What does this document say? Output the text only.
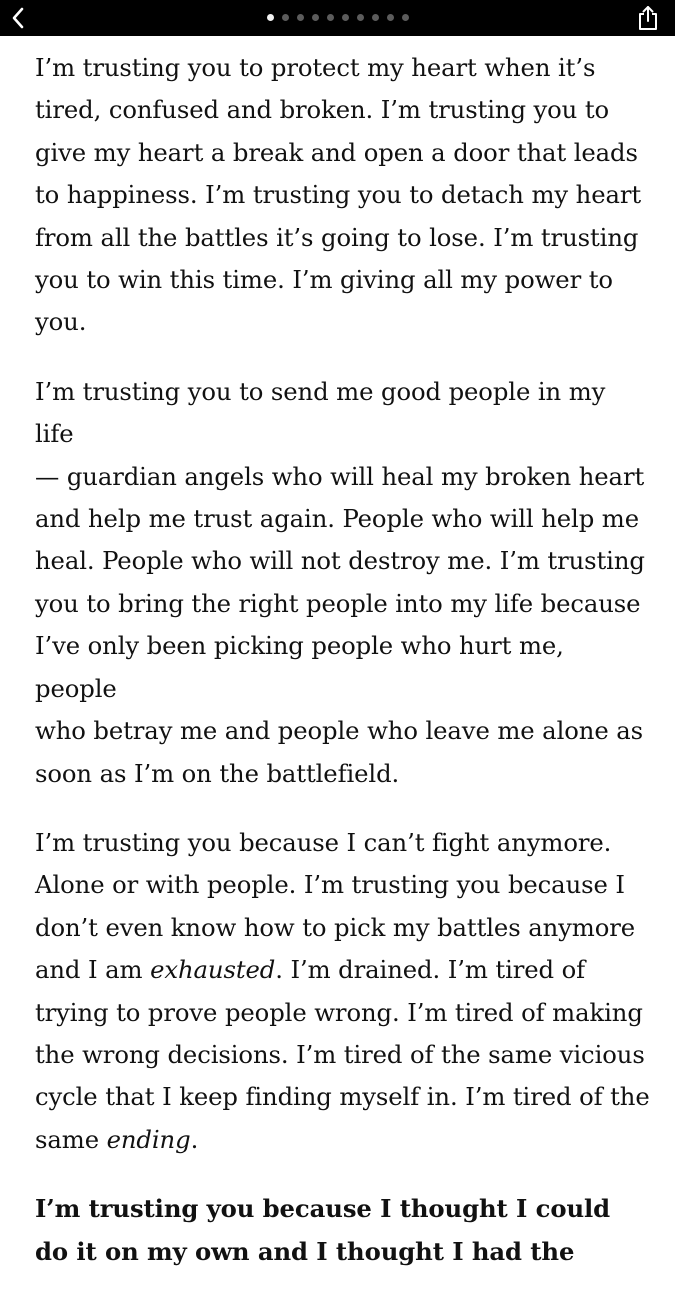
I’m trusting you to protect my heart when it’s
tired, confused and broken. I’m trusting you to
give my heart a break and open a door that leads
to happiness. I’m trusting you to detach my heart
from all the battles it’s going to lose. I’m trusting
you to win this time. I’m giving all my power to
you.

I’m trusting you to send me good people in my life
— guardian angels who will heal my broken heart
and help me trust again. People who will help me
heal. People who will not destroy me. I’m trusting
you to bring the right people into my life because
I’ve only been picking people who hurt me, people
who betray me and people who leave me alone as
soon as I’m on the battlefield.

I’m trusting you because I can’t fight anymore.
Alone or with people. I’m trusting you because I
don’t even know how to pick my battles anymore
and I am exhausted. I’m drained. I’m tired of
trying to prove people wrong. I’m tired of making
the wrong decisions. I’m tired of the same vicious
cycle that I keep finding myself in. I’m tired of the
same ending.

I’m trusting you because I thought I could
do it on my own and I thought I had the
